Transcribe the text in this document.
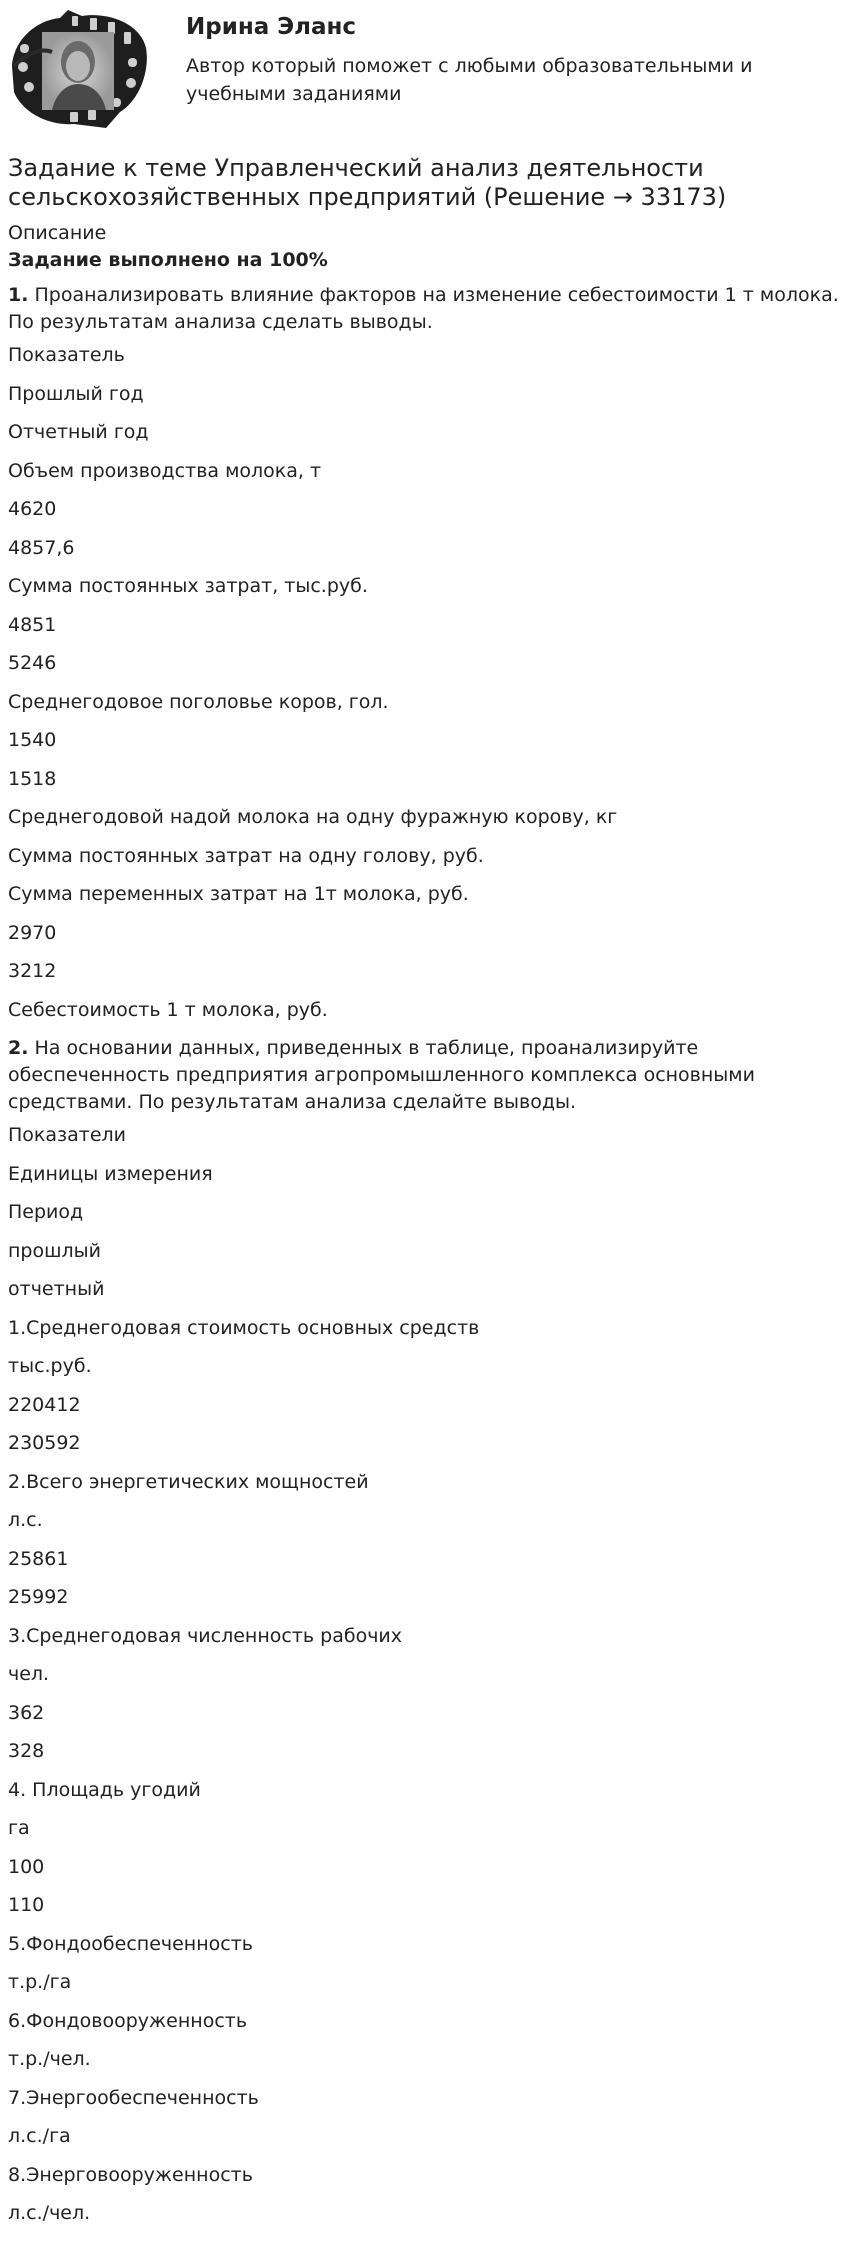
Ирина Эланс

Автор который поможет с любыми образовательными и учебными заданиями

Задание к теме Управленческий анализ деятельности сельскохозяйственных предприятий (Решение → 33173)

Описание

Задание выполнено на 100%

1. Проанализировать влияние факторов на изменение себестоимости 1 т молока. По результатам анализа сделать выводы.

Показатель

Прошлый год

Отчетный год

Объем производства молока, т

4620

4857,6

Сумма постоянных затрат, тыс.руб.

4851

5246

Среднегодовое поголовье коров, гол.

1540

1518

Среднегодовой надой молока на одну фуражную корову, кг

Сумма постоянных затрат на одну голову, руб.

Сумма переменных затрат на 1т молока, руб.

2970

3212

Себестоимость 1 т молока, руб.

2. На основании данных, приведенных в таблице, проанализируйте обеспеченность предприятия агропромышленного комплекса основными средствами. По результатам анализа сделайте выводы.

Показатели

Единицы измерения

Период

прошлый

отчетный

1.Среднегодовая стоимость основных средств

тыс.руб.

220412

230592

2.Всего энергетических мощностей

л.с.

25861

25992

3.Среднегодовая численность рабочих

чел.

362

328

4. Площадь угодий

га

100

110

5.Фондообеспеченность

т.р./га

6.Фондовооруженность

т.р./чел.

7.Энергообеспеченность

л.с./га

8.Энерговооруженность

л.с./чел.
